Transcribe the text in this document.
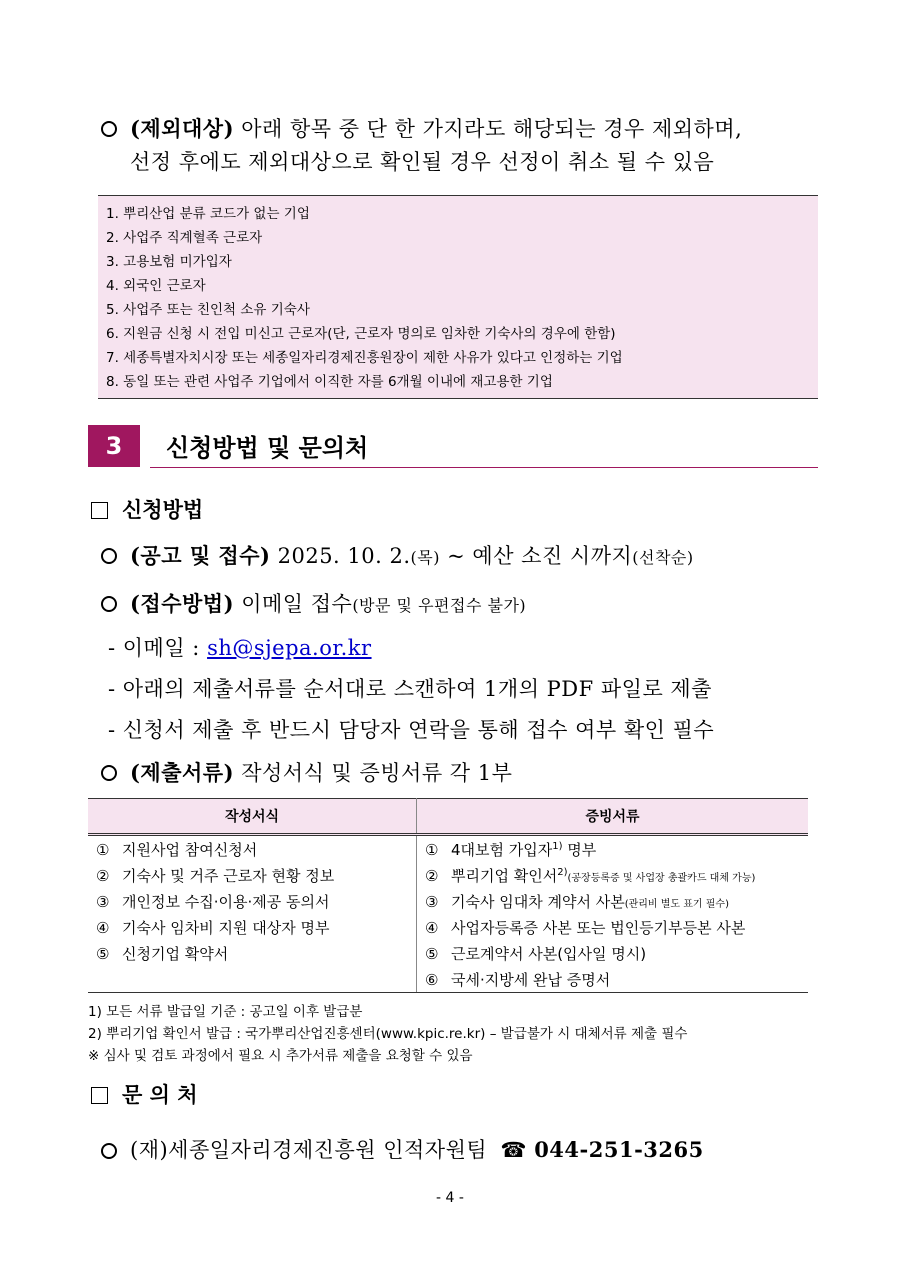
(제외대상) 아래 항목 중 단 한 가지라도 해당되는 경우 제외하며,
선정 후에도 제외대상으로 확인될 경우 선정이 취소 될 수 있음
1. 뿌리산업 분류 코드가 없는 기업
2. 사업주 직계혈족 근로자
3. 고용보험 미가입자
4. 외국인 근로자
5. 사업주 또는 친인척 소유 기숙사
6. 지원금 신청 시 전입 미신고 근로자(단, 근로자 명의로 임차한 기숙사의 경우에 한함)
7. 세종특별자치시장 또는 세종일자리경제진흥원장이 제한 사유가 있다고 인정하는 기업
8. 동일 또는 관련 사업주 기업에서 이직한 자를 6개월 이내에 재고용한 기업
3	신청방법 및 문의처
신청방법
(공고 및 접수) 2025. 10. 2.(목) ~ 예산 소진 시까지(선착순)
(접수방법) 이메일 접수(방문 및 우편접수 불가)
- 이메일 : sh@sjepa.or.kr
- 아래의 제출서류를 순서대로 스캔하여 1개의 PDF 파일로 제출
- 신청서 제출 후 반드시 담당자 연락을 통해 접수 여부 확인 필수
(제출서류) 작성서식 및 증빙서류 각 1부
작성서식	증빙서류
① 지원사업 참여신청서	① 4대보험 가입자$^{1)}$ 명부
② 기숙사 및 거주 근로자 현황 정보	② 뿌리기업 확인서$^{2)}$(공장등록증 및 사업장 총괄카드 대체 가능)
③ 개인정보 수집·이용·제공 동의서	③ 기숙사 임대차 계약서 사본(관리비 별도 표기 필수)
④ 기숙사 임차비 지원 대상자 명부	④ 사업자등록증 사본 또는 법인등기부등본 사본
⑤ 신청기업 확약서	⑤ 근로계약서 사본(입사일 명시)
	⑥ 국세·지방세 완납 증명서
1) 모든 서류 발급일 기준 : 공고일 이후 발급분
2) 뿌리기업 확인서 발급 : 국가뿌리산업진흥센터(www.kpic.re.kr) – 발급불가 시 대체서류 제출 필수
※ 심사 및 검토 과정에서 필요 시 추가서류 제출을 요청할 수 있음
문 의 처
(재)세종일자리경제진흥원 인적자원팀 ☎ 044-251-3265
- 4 -
